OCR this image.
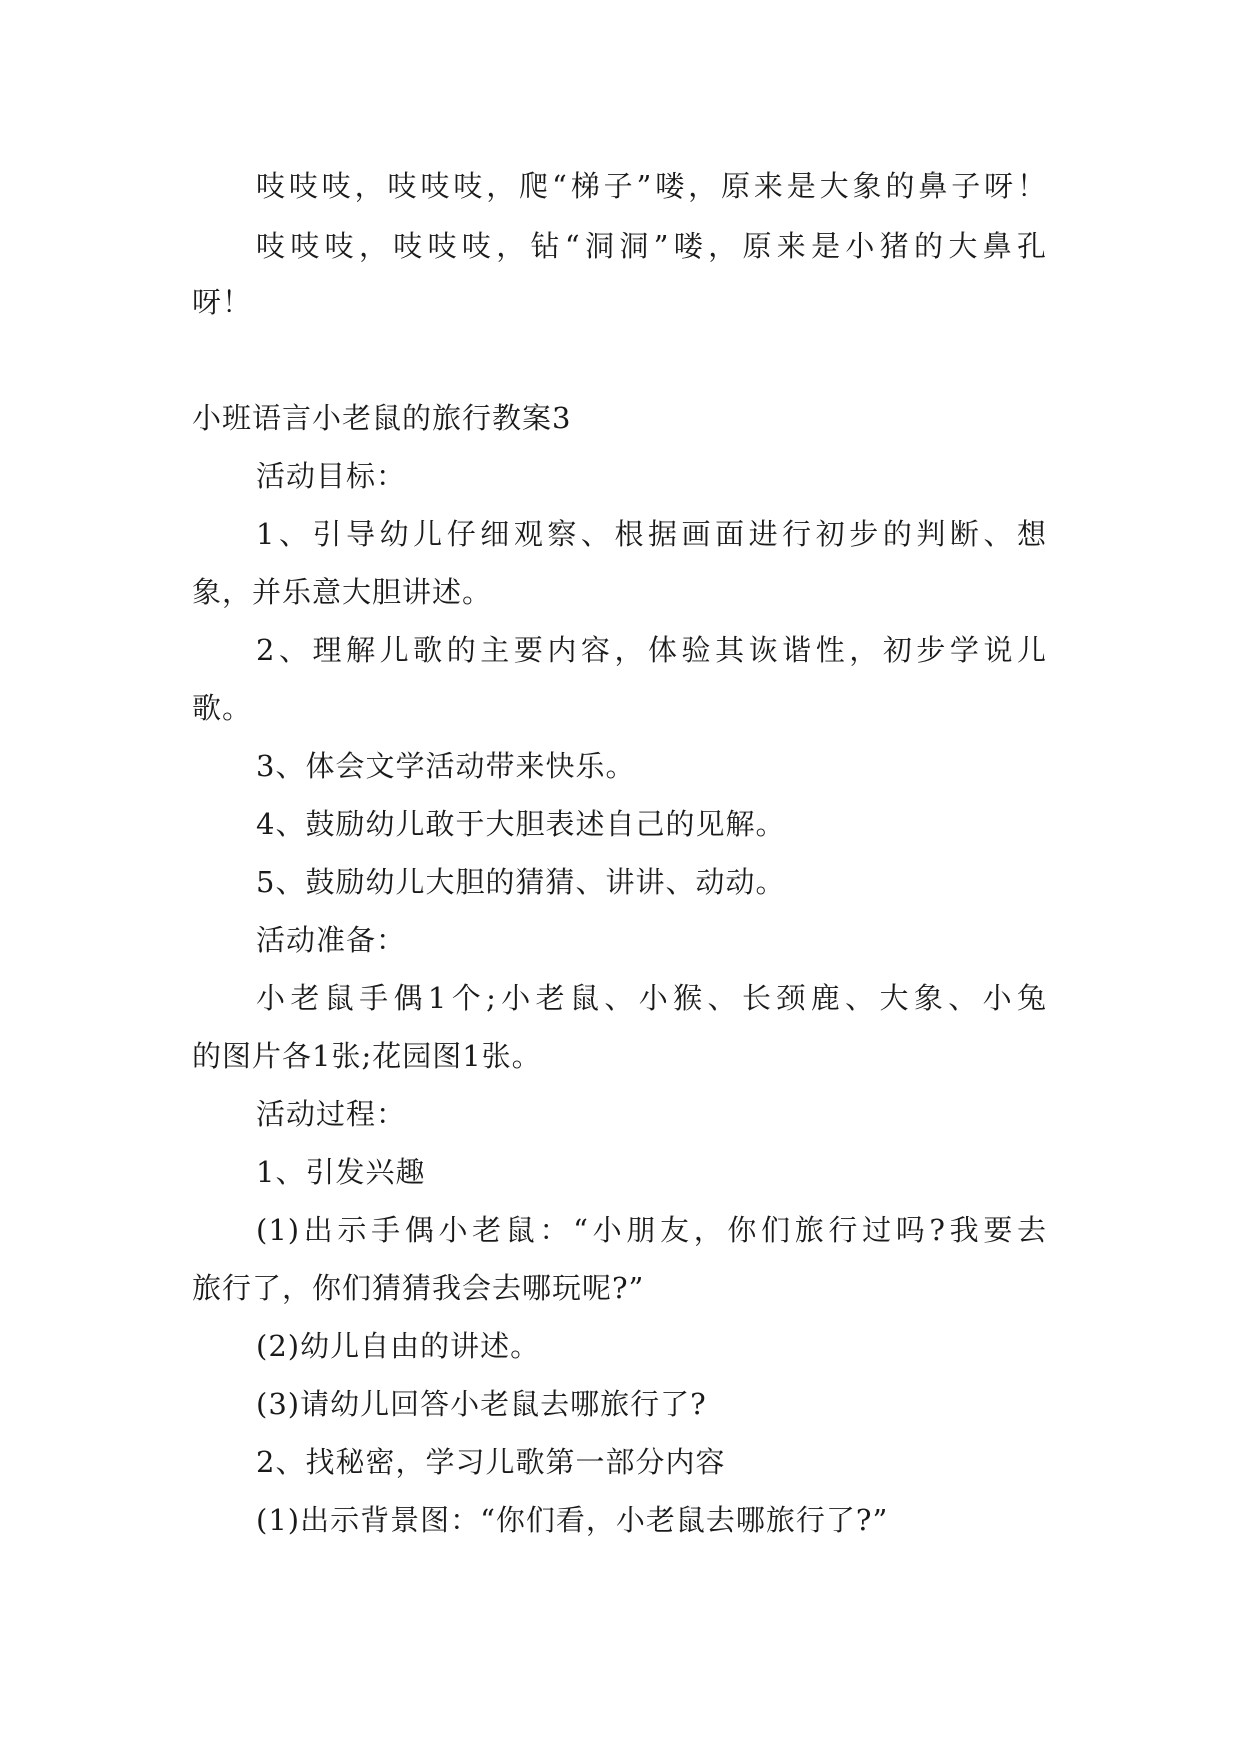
吱吱吱，吱吱吱，爬“梯子”喽，原来是大象的鼻子呀！
吱吱吱，吱吱吱，钻“洞洞”喽，原来是小猪的大鼻孔
呀！
小班语言小老鼠的旅行教案3
活动目标：
1、引导幼儿仔细观察、根据画面进行初步的判断、想
象，并乐意大胆讲述。
2、理解儿歌的主要内容，体验其诙谐性，初步学说儿
歌。
3、体会文学活动带来快乐。
4、鼓励幼儿敢于大胆表述自己的见解。
5、鼓励幼儿大胆的猜猜、讲讲、动动。
活动准备：
小老鼠手偶1个;小老鼠、小猴、长颈鹿、大象、小兔
的图片各1张;花园图1张。
活动过程：
1、引发兴趣
(1)出示手偶小老鼠：“小朋友，你们旅行过吗?我要去
旅行了，你们猜猜我会去哪玩呢?”
(2)幼儿自由的讲述。
(3)请幼儿回答小老鼠去哪旅行了?
2、找秘密，学习儿歌第一部分内容
(1)出示背景图：“你们看，小老鼠去哪旅行了?”
